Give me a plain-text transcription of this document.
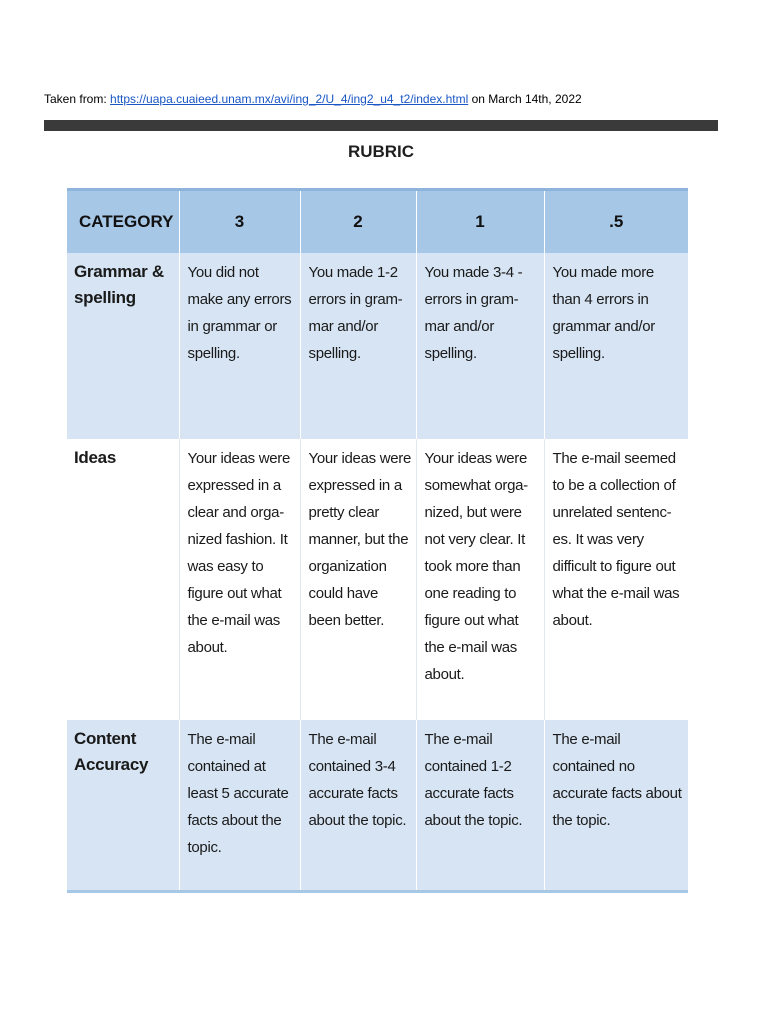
Taken from: https://uapa.cuaieed.unam.mx/avi/ing_2/U_4/ing2_u4_t2/index.html on March 14th, 2022
RUBRIC
CATEGORY	3	2	1	.5
Grammar & spelling	You did not make any errors in grammar or spelling.	You made 1-2 errors in gram-mar and/or spelling.	You made 3-4 - errors in gram-mar and/or spelling.	You made more than 4 errors in grammar and/or spelling.
Ideas	Your ideas were expressed in a clear and orga-nized fashion. It was easy to figure out what the e-mail was about.	Your ideas were expressed in a pretty clear manner, but the organization could have been better.	Your ideas were somewhat orga-nized, but were not very clear. It took more than one reading to figure out what the e-mail was about.	The e-mail seemed to be a collection of unrelated sentenc-es. It was very difficult to figure out what the e-mail was about.
Content Accuracy	The e-mail contained at least 5 accurate facts about the topic.	The e-mail contained 3-4 accurate facts about the topic.	The e-mail contained 1-2 accurate facts about the topic.	The e-mail contained no accurate facts about the topic.
